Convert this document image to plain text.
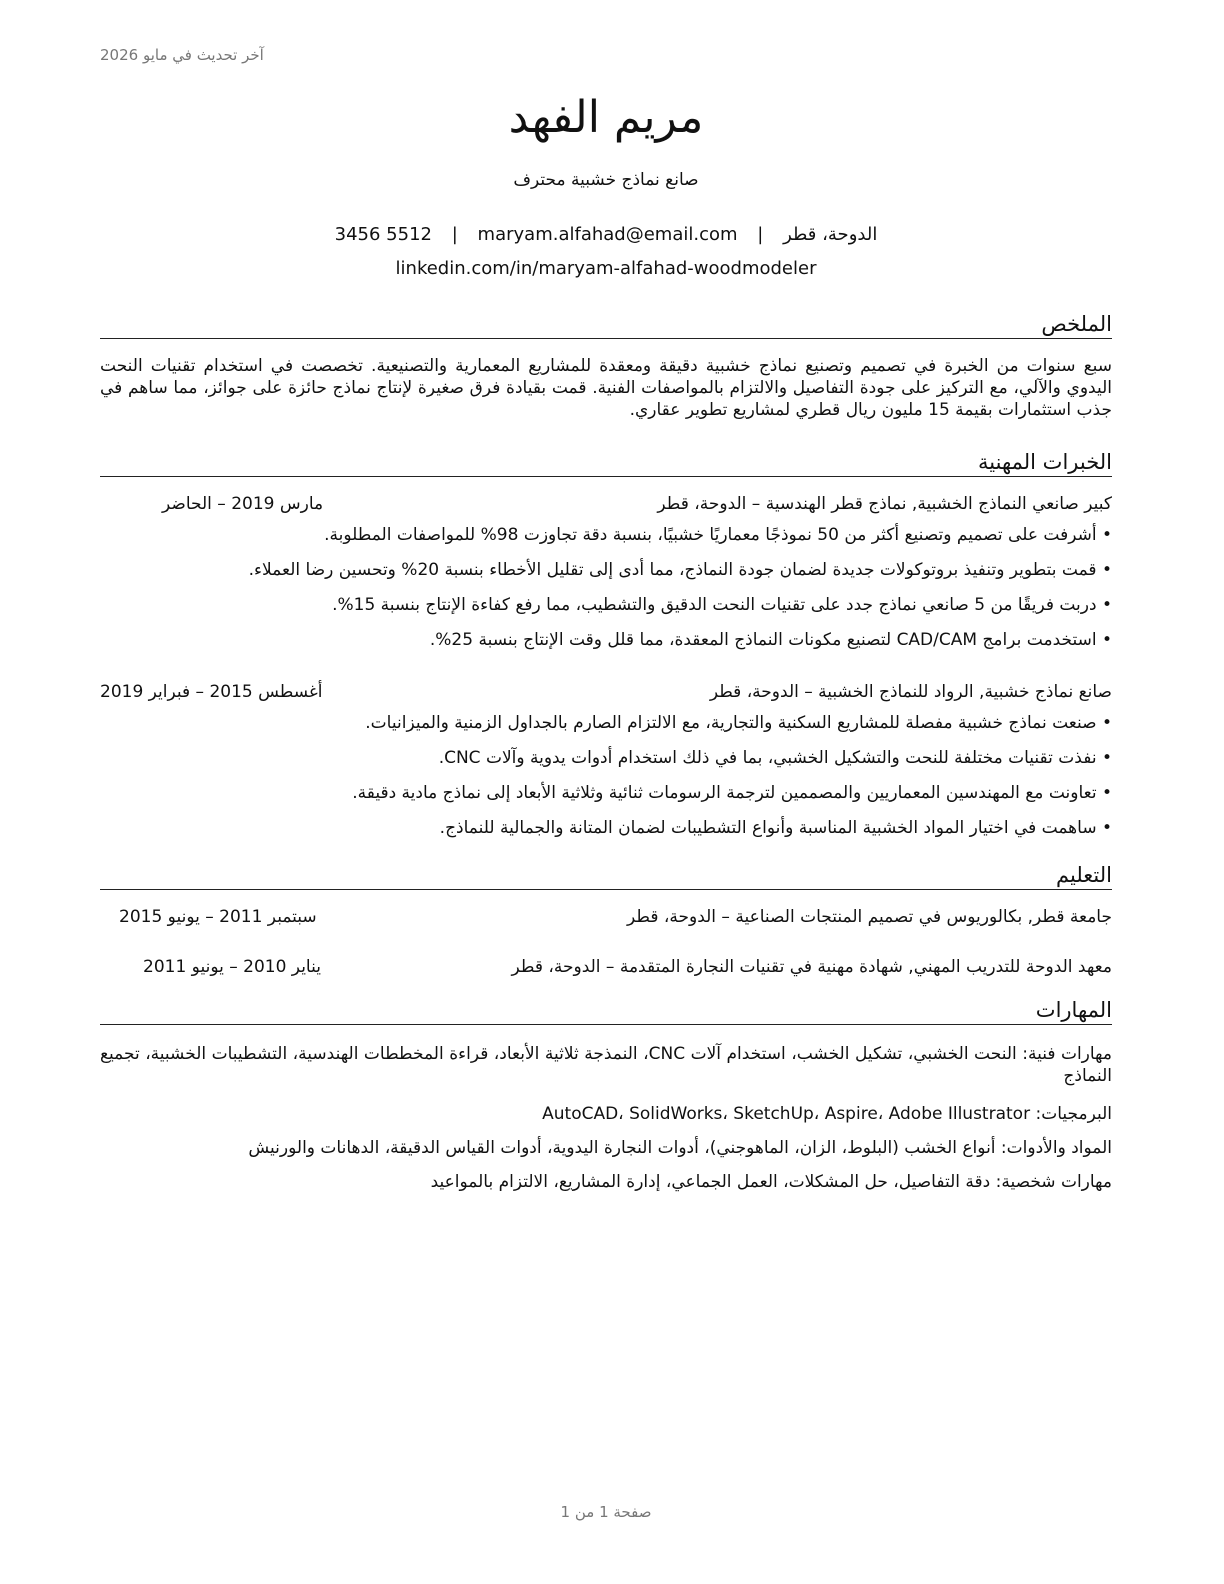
آخر تحديث في مايو 2026
مريم الفهد
صانع نماذج خشبية محترف
3456 5512 | maryam.alfahad@email.com | الدوحة، قطر
linkedin.com/in/maryam-alfahad-woodmodeler
الملخص
سبع سنوات من الخبرة في تصميم وتصنيع نماذج خشبية دقيقة ومعقدة للمشاريع المعمارية والتصنيعية. تخصصت في استخدام تقنيات النحت اليدوي والآلي، مع التركيز على جودة التفاصيل والالتزام بالمواصفات الفنية. قمت بقيادة فرق صغيرة لإنتاج نماذج حائزة على جوائز، مما ساهم في جذب استثمارات بقيمة 15 مليون ريال قطري لمشاريع تطوير عقاري.
الخبرات المهنية
كبير صانعي النماذج الخشبية, نماذج قطر الهندسية – الدوحة، قطر
مارس 2019 – الحاضر
• أشرفت على تصميم وتصنيع أكثر من 50 نموذجًا معماريًا خشبيًا، بنسبة دقة تجاوزت 98% للمواصفات المطلوبة.
• قمت بتطوير وتنفيذ بروتوكولات جديدة لضمان جودة النماذج، مما أدى إلى تقليل الأخطاء بنسبة 20% وتحسين رضا العملاء.
• دربت فريقًا من 5 صانعي نماذج جدد على تقنيات النحت الدقيق والتشطيب، مما رفع كفاءة الإنتاج بنسبة 15%.
• استخدمت برامج CAD/CAM لتصنيع مكونات النماذج المعقدة، مما قلل وقت الإنتاج بنسبة 25%.
صانع نماذج خشبية, الرواد للنماذج الخشبية – الدوحة، قطر
أغسطس 2015 – فبراير 2019
• صنعت نماذج خشبية مفصلة للمشاريع السكنية والتجارية، مع الالتزام الصارم بالجداول الزمنية والميزانيات.
• نفذت تقنيات مختلفة للنحت والتشكيل الخشبي، بما في ذلك استخدام أدوات يدوية وآلات CNC.
• تعاونت مع المهندسين المعماريين والمصممين لترجمة الرسومات ثنائية وثلاثية الأبعاد إلى نماذج مادية دقيقة.
• ساهمت في اختيار المواد الخشبية المناسبة وأنواع التشطيبات لضمان المتانة والجمالية للنماذج.
التعليم
جامعة قطر, بكالوريوس في تصميم المنتجات الصناعية – الدوحة، قطر
سبتمبر 2011 – يونيو 2015
معهد الدوحة للتدريب المهني, شهادة مهنية في تقنيات النجارة المتقدمة – الدوحة، قطر
يناير 2010 – يونيو 2011
المهارات
مهارات فنية: النحت الخشبي، تشكيل الخشب، استخدام آلات CNC، النمذجة ثلاثية الأبعاد، قراءة المخططات الهندسية، التشطيبات الخشبية، تجميع النماذج
البرمجيات: AutoCAD، SolidWorks، SketchUp، Aspire، Adobe Illustrator
المواد والأدوات: أنواع الخشب (البلوط، الزان، الماهوجني)، أدوات النجارة اليدوية، أدوات القياس الدقيقة، الدهانات والورنيش
مهارات شخصية: دقة التفاصيل، حل المشكلات، العمل الجماعي، إدارة المشاريع، الالتزام بالمواعيد
صفحة 1 من 1
